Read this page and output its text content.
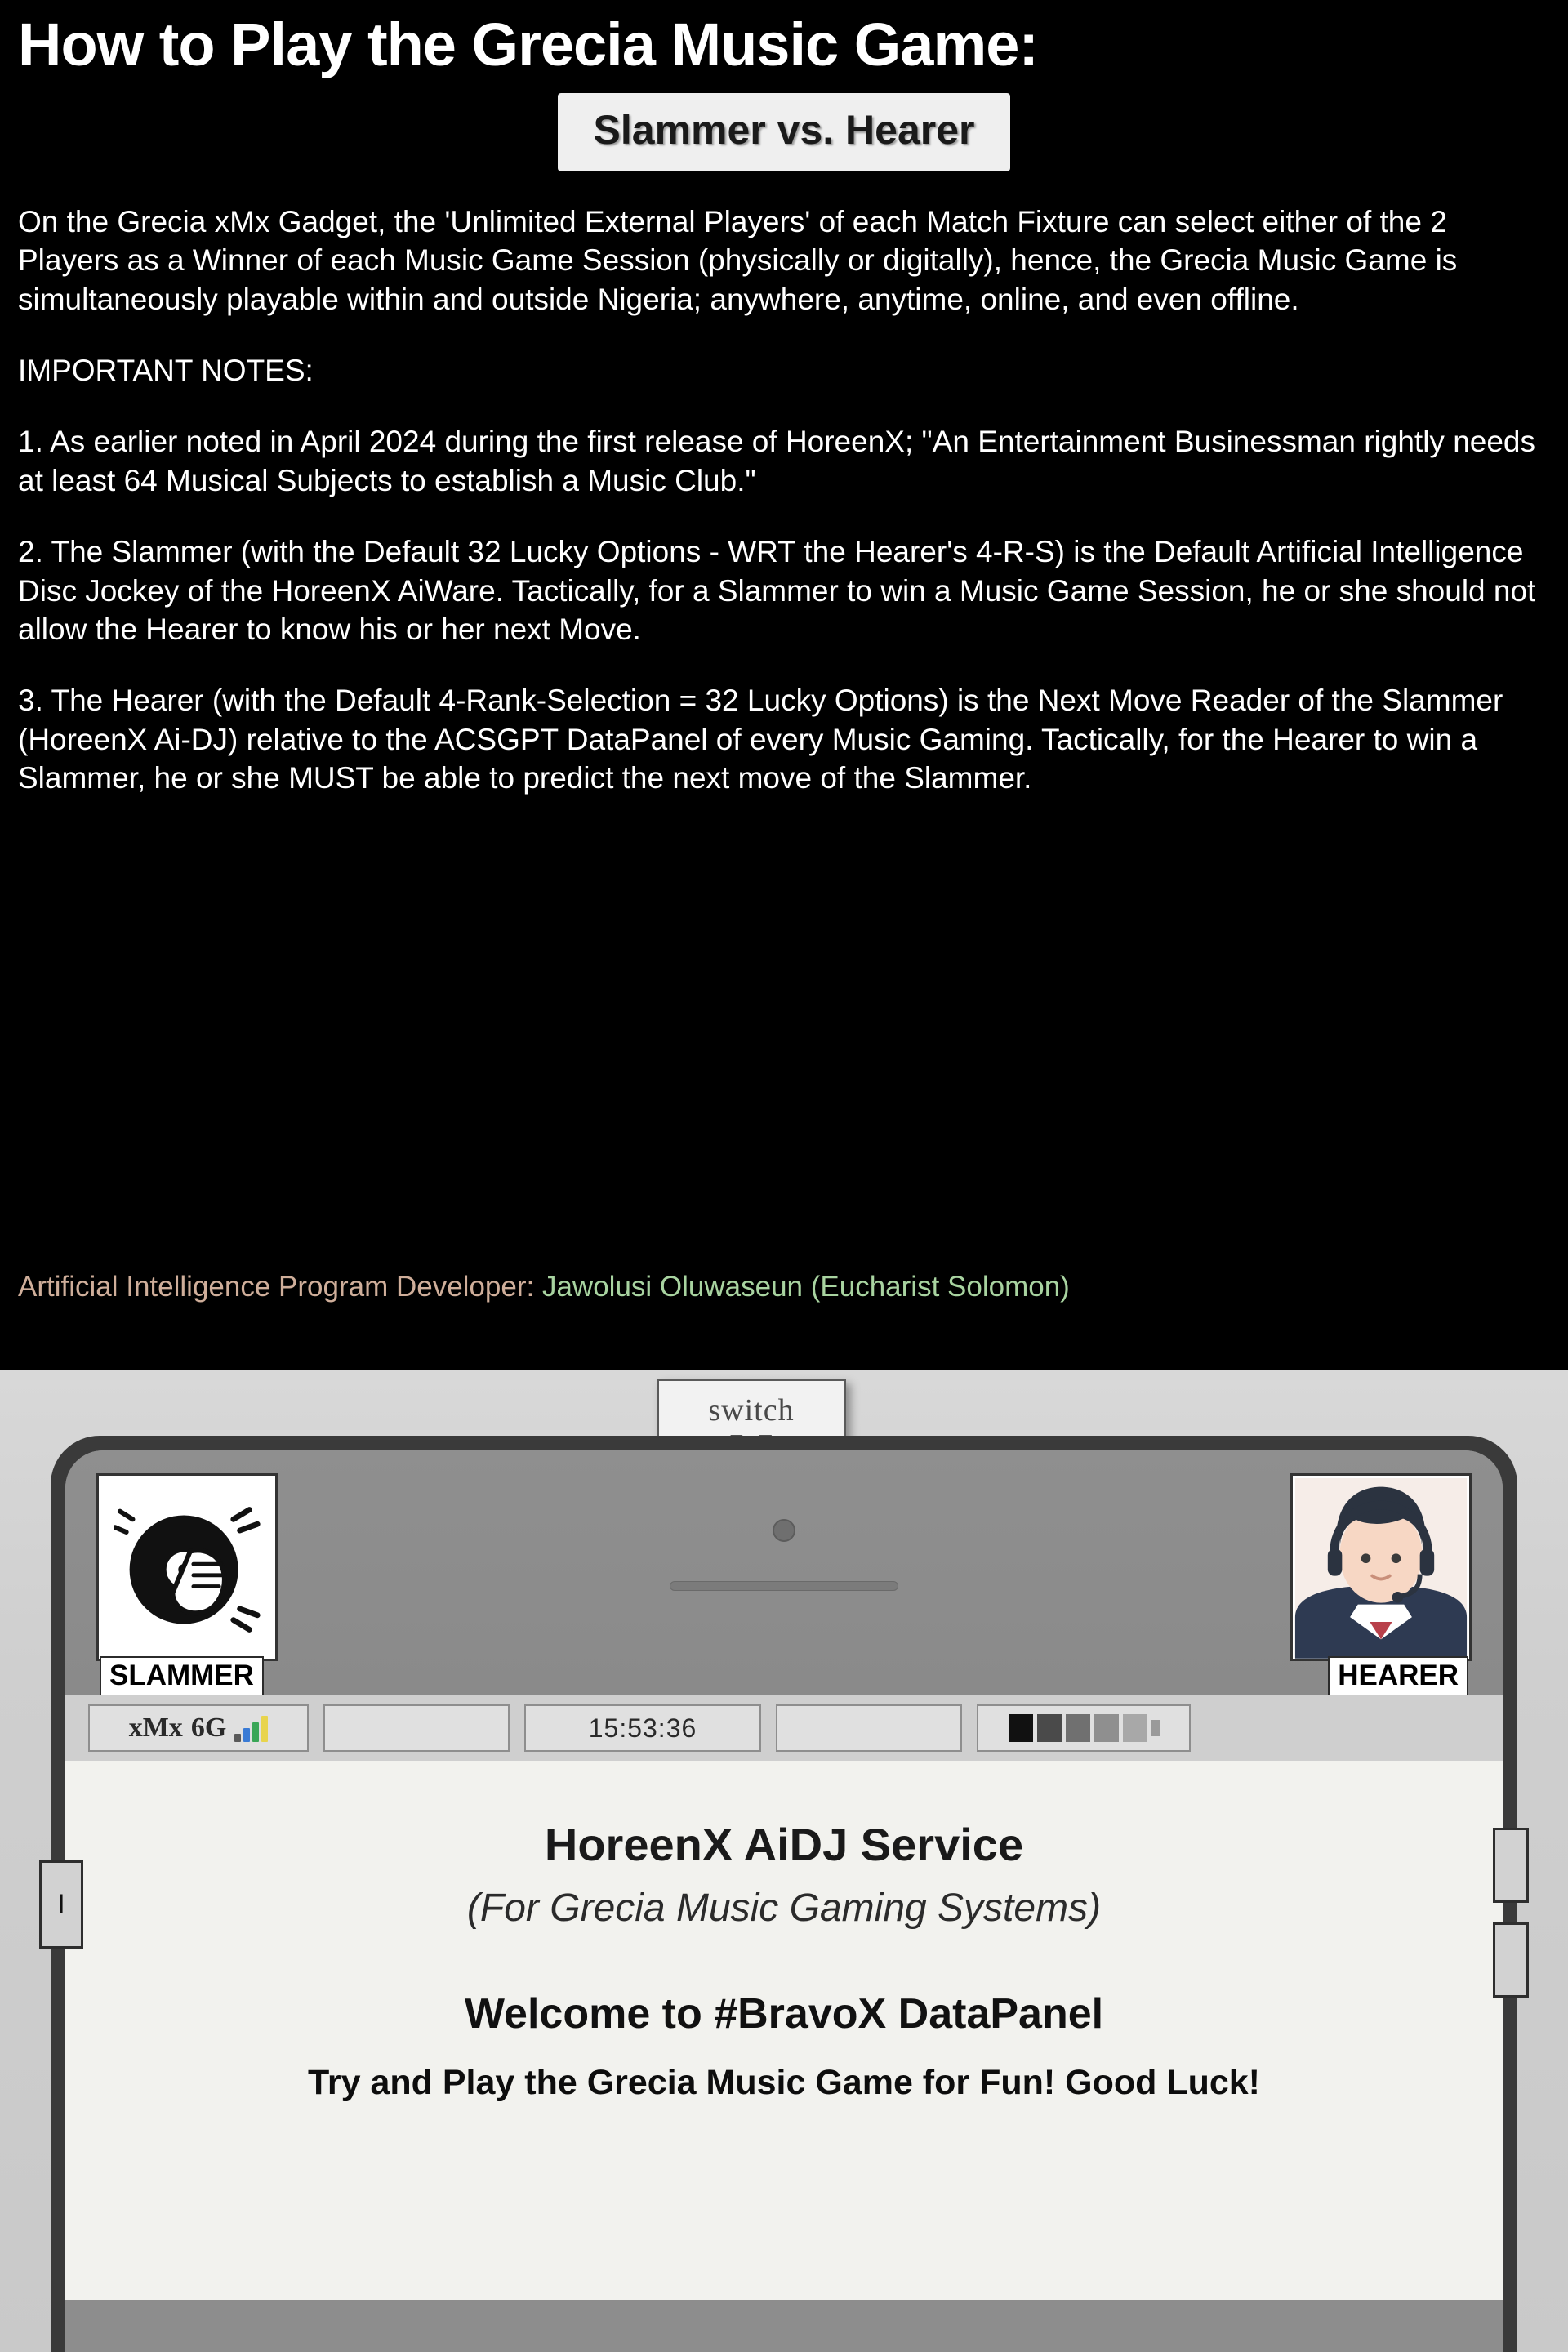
How to Play the Grecia Music Game:
Slammer vs. Hearer

On the Grecia xMx Gadget, the 'Unlimited External Players' of each Match Fixture can select either of the 2 Players as a Winner of each Music Game Session (physically or digitally), hence, the Grecia Music Game is simultaneously playable within and outside Nigeria; anywhere, anytime, online, and even offline.

IMPORTANT NOTES:

1. As earlier noted in April 2024 during the first release of HoreenX; "An Entertainment Businessman rightly needs at least 64 Musical Subjects to establish a Music Club."

2. The Slammer (with the Default 32 Lucky Options - WRT the Hearer's 4-R-S) is the Default Artificial Intelligence Disc Jockey of the HoreenX AiWare. Tactically, for a Slammer to win a Music Game Session, he or she should not allow the Hearer to know his or her next Move.

3. The Hearer (with the Default 4-Rank-Selection = 32 Lucky Options) is the Next Move Reader of the Slammer (HoreenX Ai-DJ) relative to the ACSGPT DataPanel of every Music Gaming. Tactically, for the Hearer to win a Slammer, he or she MUST be able to predict the next move of the Slammer.

Artificial Intelligence Program Developer: Jawolusi Oluwaseun (Eucharist Solomon)
switch
SLAMMER	HEARER
xMx 6G	15:53:36
HoreenX AiDJ Service
(For Grecia Music Gaming Systems)
Welcome to #BravoX DataPanel
Try and Play the Grecia Music Game for Fun! Good Luck!
I
